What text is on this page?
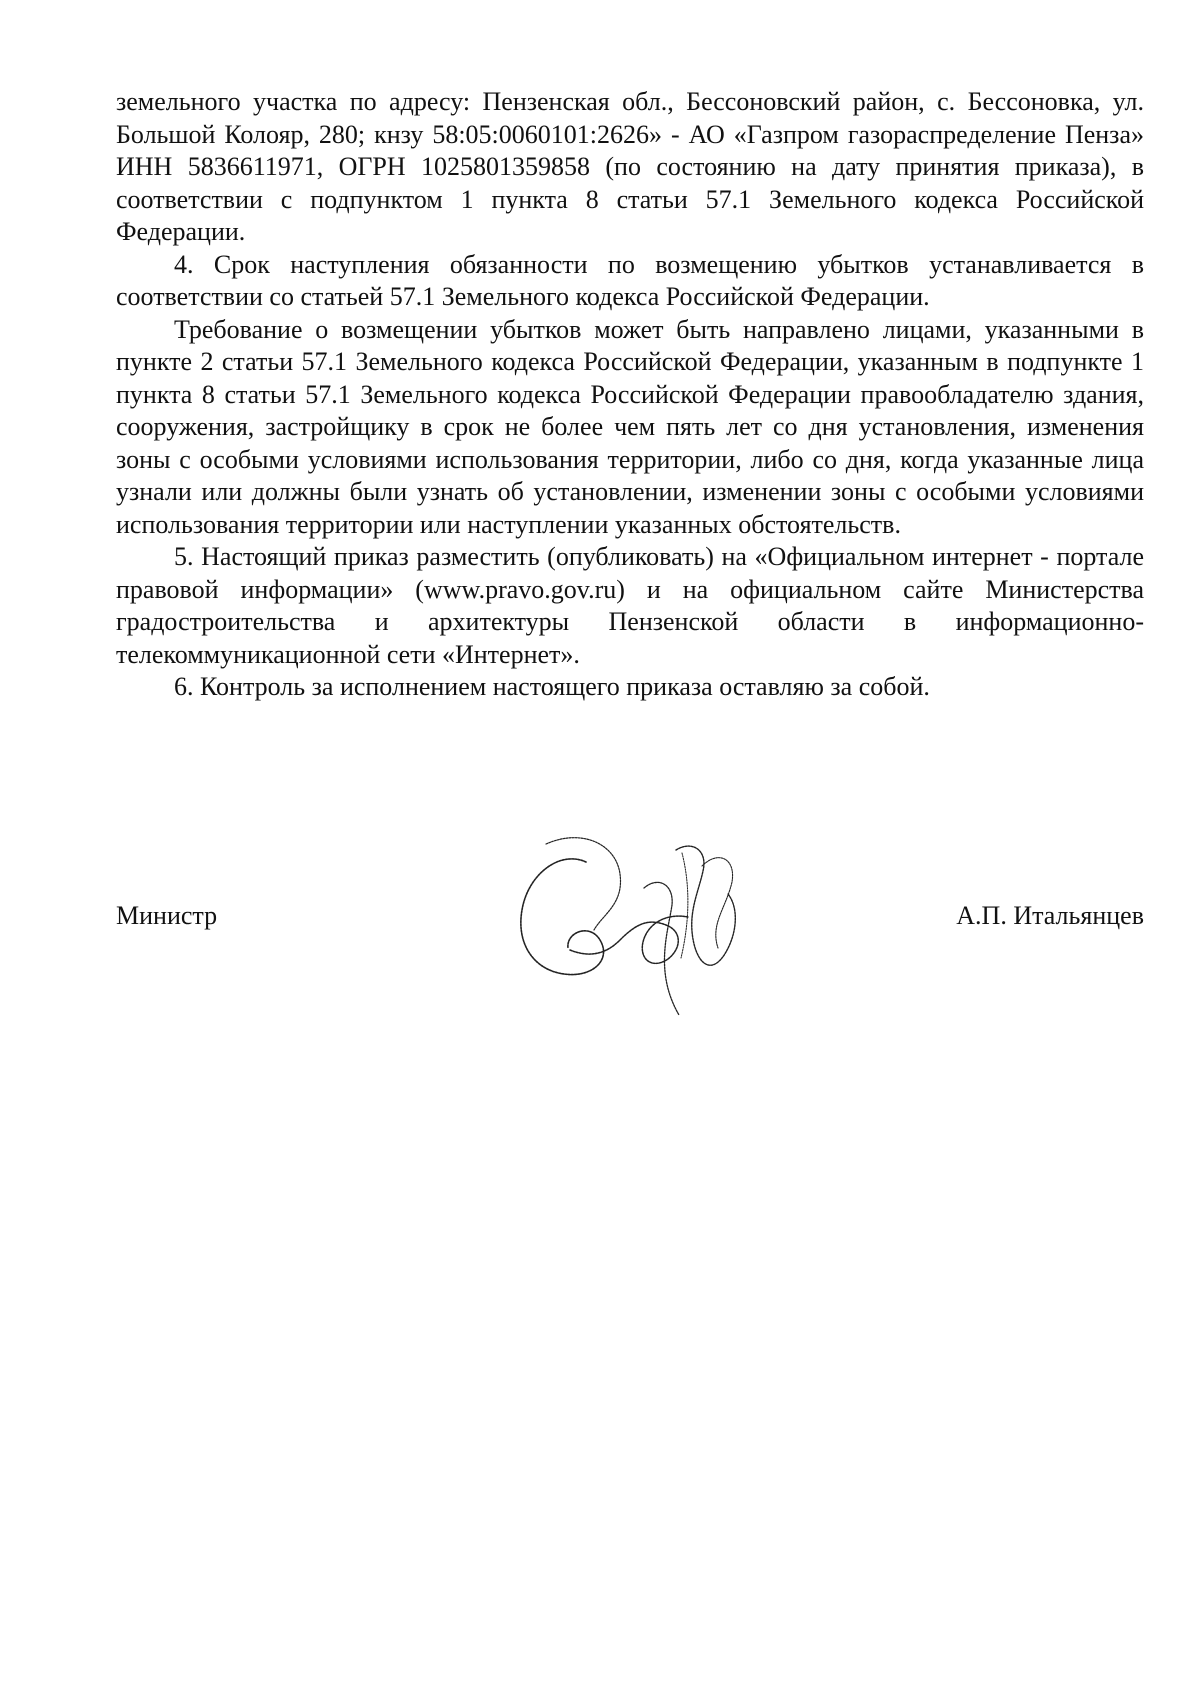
земельного участка по адресу: Пензенская обл., Бессоновский район, с. Бессоновка, ул. Большой Колояр, 280; кнзу 58:05:0060101:2626» - АО «Газпром газораспределение Пенза» ИНН 5836611971, ОГРН 1025801359858 (по состоянию на дату принятия приказа), в соответствии с подпунктом 1 пункта 8 статьи 57.1 Земельного кодекса Российской Федерации.

4. Срок наступления обязанности по возмещению убытков устанавливается в соответствии со статьей 57.1 Земельного кодекса Российской Федерации.

Требование о возмещении убытков может быть направлено лицами, указанными в пункте 2 статьи 57.1 Земельного кодекса Российской Федерации, указанным в подпункте 1 пункта 8 статьи 57.1 Земельного кодекса Российской Федерации правообладателю здания, сооружения, застройщику в срок не более чем пять лет со дня установления, изменения зоны с особыми условиями использования территории, либо со дня, когда указанные лица узнали или должны были узнать об установлении, изменении зоны с особыми условиями использования территории или наступлении указанных обстоятельств.

5. Настоящий приказ разместить (опубликовать) на «Официальном интернет - портале правовой информации» (www.pravo.gov.ru) и на официальном сайте Министерства градостроительства и архитектуры Пензенской области в информационно-телекоммуникационной сети «Интернет».

6. Контроль за исполнением настоящего приказа оставляю за собой.

Министр	А.П. Итальянцев
